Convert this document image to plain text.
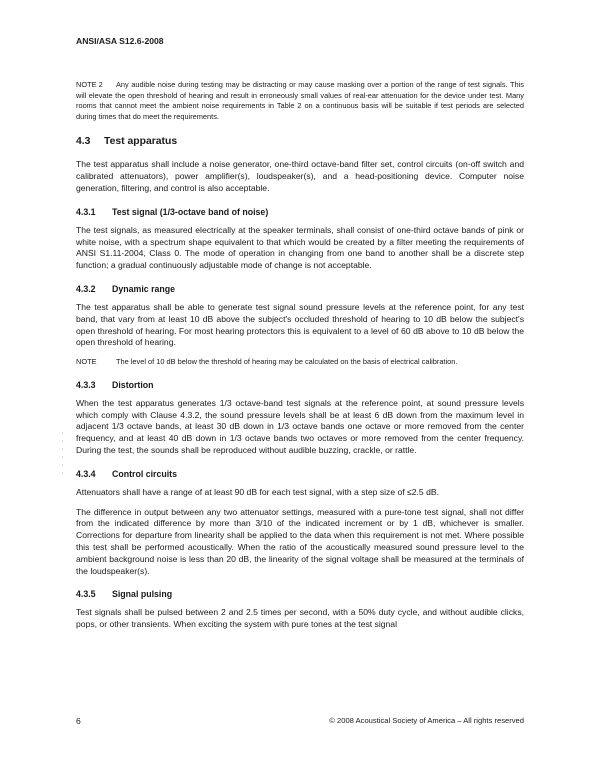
ANSI/ASA S12.6-2008

NOTE 2 Any audible noise during testing may be distracting or may cause masking over a portion of the range of test signals. This will elevate the open threshold of hearing and result in erroneously small values of real-ear attenuation for the device under test. Many rooms that cannot meet the ambient noise requirements in Table 2 on a continuous basis will be suitable if test periods are selected during times that do meet the requirements.

4.3 Test apparatus

The test apparatus shall include a noise generator, one-third octave-band filter set, control circuits (on-off switch and calibrated attenuators), power amplifier(s), loudspeaker(s), and a head-positioning device. Computer noise generation, filtering, and control is also acceptable.

4.3.1 Test signal (1/3-octave band of noise)

The test signals, as measured electrically at the speaker terminals, shall consist of one-third octave bands of pink or white noise, with a spectrum shape equivalent to that which would be created by a filter meeting the requirements of ANSI S1.11-2004, Class 0. The mode of operation in changing from one band to another shall be a discrete step function; a gradual continuously adjustable mode of change is not acceptable.

4.3.2 Dynamic range

The test apparatus shall be able to generate test signal sound pressure levels at the reference point, for any test band, that vary from at least 10 dB above the subject's occluded threshold of hearing to 10 dB below the subject's open threshold of hearing. For most hearing protectors this is equivalent to a level of 60 dB above to 10 dB below the open threshold of hearing.

NOTE	The level of 10 dB below the threshold of hearing may be calculated on the basis of electrical calibration.

4.3.3 Distortion

When the test apparatus generates 1/3 octave-band test signals at the reference point, at sound pressure levels which comply with Clause 4.3.2, the sound pressure levels shall be at least 6 dB down from the maximum level in adjacent 1/3 octave bands, at least 30 dB down in 1/3 octave bands one octave or more removed from the center frequency, and at least 40 dB down in 1/3 octave bands two octaves or more removed from the center frequency. During the test, the sounds shall be reproduced without audible buzzing, crackle, or rattle.

4.3.4 Control circuits

Attenuators shall have a range of at least 90 dB for each test signal, with a step size of ≤2.5 dB.

The difference in output between any two attenuator settings, measured with a pure-tone test signal, shall not differ from the indicated difference by more than 3/10 of the indicated increment or by 1 dB, whichever is smaller. Corrections for departure from linearity shall be applied to the data when this requirement is not met. Where possible this test shall be performed acoustically. When the ratio of the acoustically measured sound pressure level to the ambient background noise is less than 20 dB, the linearity of the signal voltage shall be measured at the terminals of the loudspeaker(s).

4.3.5 Signal pulsing

Test signals shall be pulsed between 2 and 2.5 times per second, with a 50% duty cycle, and without audible clicks, pops, or other transients. When exciting the system with pure tones at the test signal

6	© 2008 Acoustical Society of America – All rights reserved
